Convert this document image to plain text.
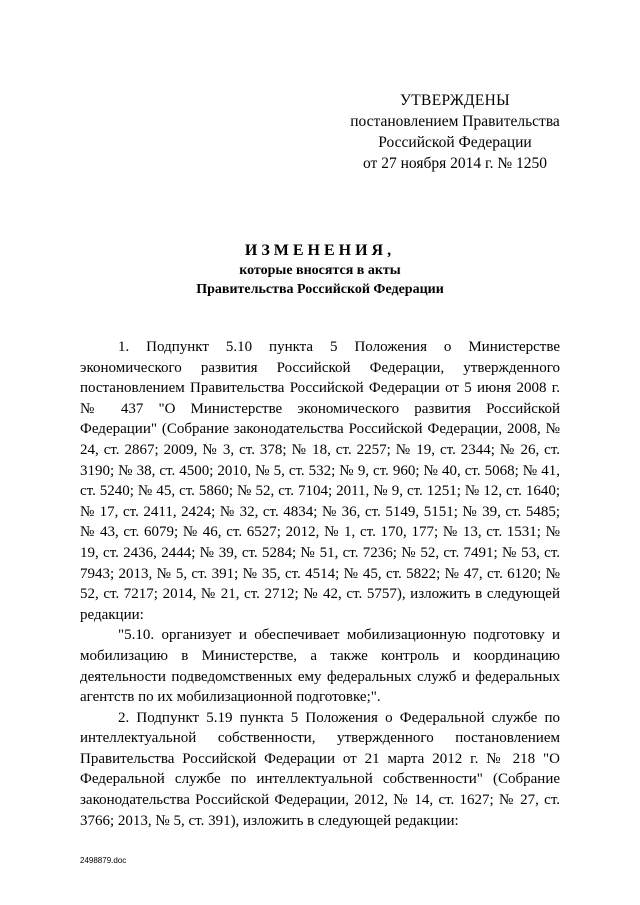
УТВЕРЖДЕНЫ
постановлением Правительства
Российской Федерации
от 27 ноября 2014 г. № 1250
ИЗМЕНЕНИЯ,
которые вносятся в акты
Правительства Российской Федерации

1. Подпункт 5.10 пункта 5 Положения о Министерстве экономического развития Российской Федерации, утвержденного постановлением Правительства Российской Федерации от 5 июня 2008 г. № 437 "О Министерстве экономического развития Российской Федерации" (Собрание законодательства Российской Федерации, 2008, № 24, ст. 2867; 2009, № 3, ст. 378; № 18, ст. 2257; № 19, ст. 2344; № 26, ст. 3190; № 38, ст. 4500; 2010, № 5, ст. 532; № 9, ст. 960; № 40, ст. 5068; № 41, ст. 5240; № 45, ст. 5860; № 52, ст. 7104; 2011, № 9, ст. 1251; № 12, ст. 1640; № 17, ст. 2411, 2424; № 32, ст. 4834; № 36, ст. 5149, 5151; № 39, ст. 5485; № 43, ст. 6079; № 46, ст. 6527; 2012, № 1, ст. 170, 177; № 13, ст. 1531; № 19, ст. 2436, 2444; № 39, ст. 5284; № 51, ст. 7236; № 52, ст. 7491; № 53, ст. 7943; 2013, № 5, ст. 391; № 35, ст. 4514; № 45, ст. 5822; № 47, ст. 6120; № 52, ст. 7217; 2014, № 21, ст. 2712; № 42, ст. 5757), изложить в следующей редакции:

"5.10. организует и обеспечивает мобилизационную подготовку и мобилизацию в Министерстве, а также контроль и координацию деятельности подведомственных ему федеральных служб и федеральных агентств по их мобилизационной подготовке;".

2. Подпункт 5.19 пункта 5 Положения о Федеральной службе по интеллектуальной собственности, утвержденного постановлением Правительства Российской Федерации от 21 марта 2012 г. № 218 "О Федеральной службе по интеллектуальной собственности" (Собрание законодательства Российской Федерации, 2012, № 14, ст. 1627; № 27, ст. 3766; 2013, № 5, ст. 391), изложить в следующей редакции:

2498879.doc
